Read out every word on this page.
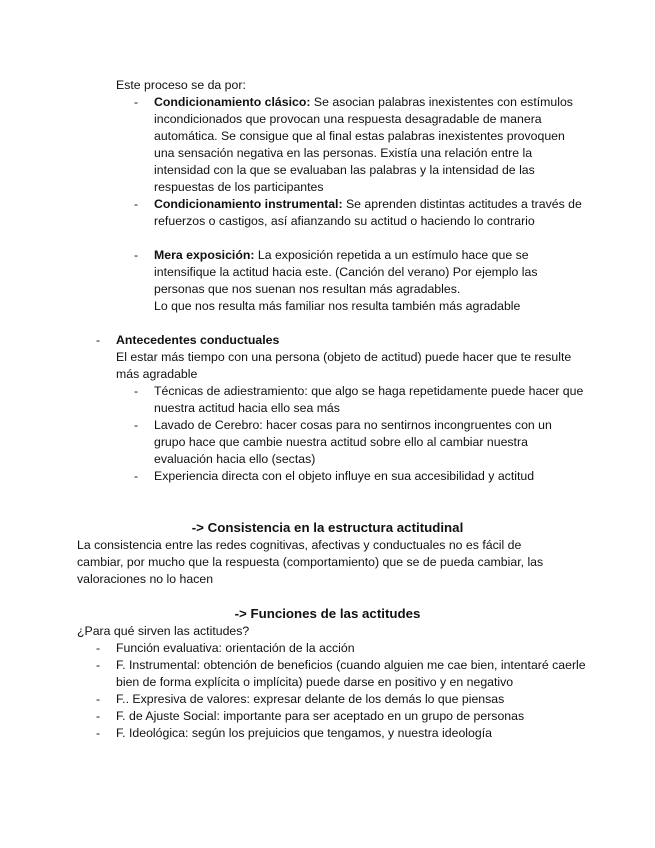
Este proceso se da por:

- Condicionamiento clásico: Se asocian palabras inexistentes con estímulos incondicionados que provocan una respuesta desagradable de manera automática. Se consigue que al final estas palabras inexistentes provoquen una sensación negativa en las personas. Existía una relación entre la intensidad con la que se evaluaban las palabras y la intensidad de las respuestas de los participantes
- Condicionamiento instrumental: Se aprenden distintas actitudes a través de refuerzos o castigos, así afianzando su actitud o haciendo lo contrario
- Mera exposición: La exposición repetida a un estímulo hace que se intensifique la actitud hacia este. (Canción del verano) Por ejemplo las personas que nos suenan nos resultan más agradables.

Lo que nos resulta más familiar nos resulta también más agradable

- Antecedentes conductuales

El estar más tiempo con una persona (objeto de actitud) puede hacer que te resulte más agradable

- Técnicas de adiestramiento: que algo se haga repetidamente puede hacer que nuestra actitud hacia ello sea más
- Lavado de Cerebro: hacer cosas para no sentirnos incongruentes con un grupo hace que cambie nuestra actitud sobre ello al cambiar nuestra evaluación hacia ello (sectas)
- Experiencia directa con el objeto influye en sua accesibilidad y actitud
-> Consistencia en la estructura actitudinal

La consistencia entre las redes cognitivas, afectivas y conductuales no es fácil de cambiar, por mucho que la respuesta (comportamiento) que se de pueda cambiar, las valoraciones no lo hacen

-> Funciones de las actitudes

¿Para qué sirven las actitudes?

- Función evaluativa: orientación de la acción
- F. Instrumental: obtención de beneficios (cuando alguien me cae bien, intentaré caerle bien de forma explícita o implícita) puede darse en positivo y en negativo
- F.. Expresiva de valores: expresar delante de los demás lo que piensas
- F. de Ajuste Social: importante para ser aceptado en un grupo de personas
- F. Ideológica: según los prejuicios que tengamos, y nuestra ideología
